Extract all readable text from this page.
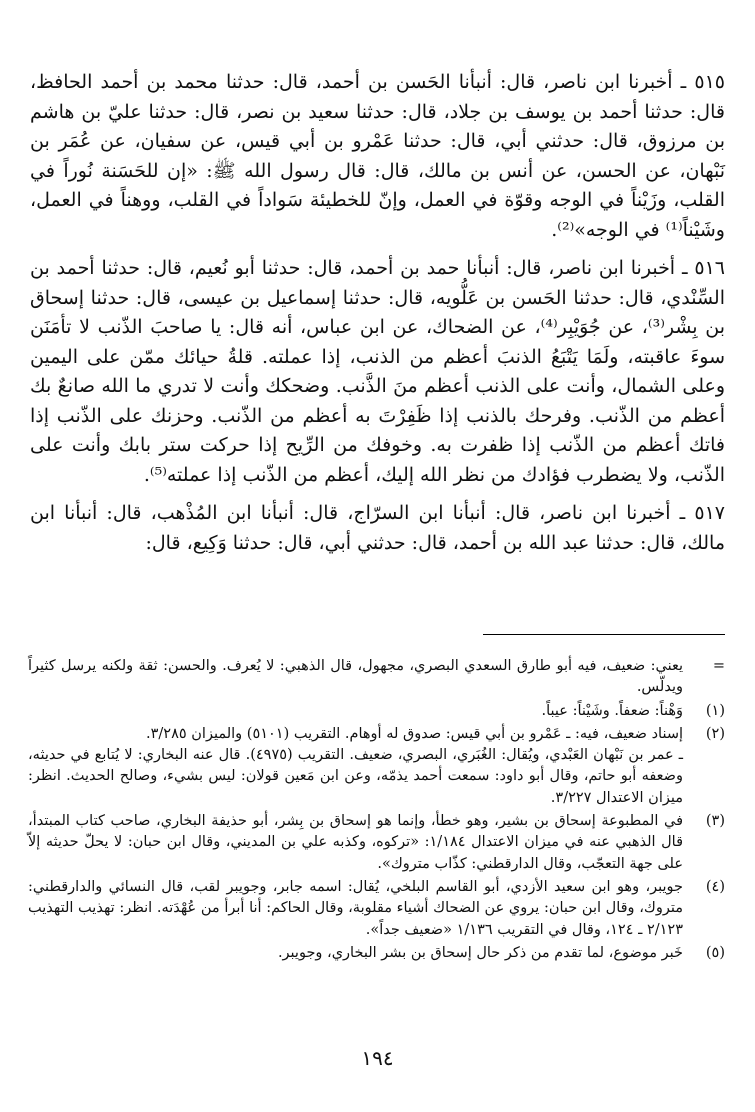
٥١٥ ـ أخبرنا ابن ناصر، قال: أنبأنا الحَسن بن أحمد، قال: حدثنا محمد بن أحمد الحافظ، قال: حدثنا أحمد بن يوسف بن جلاد، قال: حدثنا سعيد بن نصر، قال: حدثنا عليّ بن هاشم بن مرزوق، قال: حدثني أبي، قال: حدثنا عَمْرو بن أبي قيس، عن سفيان، عن عُمَر بن نَبْهان، عن الحسن، عن أنس بن مالك، قال: قال رسول الله ﷺ: «إن للحَسَنة نُوراً في القلب، وزَيْناً في الوجه وقوّة في العمل، وإنّ للخطيئة سَواداً في القلب، ووهناً في العمل، وشَيْناً⁽¹⁾ في الوجه»⁽²⁾.

٥١٦ ـ أخبرنا ابن ناصر، قال: أنبأنا حمد بن أحمد، قال: حدثنا أبو نُعيم، قال: حدثنا أحمد بن السِّنْدي، قال: حدثنا الحَسن بن عَلُّويه، قال: حدثنا إسماعيل بن عيسى، قال: حدثنا إسحاق بن بِشْر⁽³⁾، عن جُوَيْبِر⁽⁴⁾، عن الضحاك، عن ابن عباس، أنه قال: يا صاحبَ الذّنب لا تأمَنَن سوءَ عاقبته، ولَمَا يَتْبَعُ الذنبَ أعظم من الذنب، إذا عملته. قلةُ حيائك ممّن على اليمين وعلى الشمال، وأنت على الذنب أعظم منَ الذَّنب. وضحكك وأنت لا تدري ما الله صانعٌ بك أعظم من الذّنب. وفرحك بالذنب إذا ظَفِرْتَ به أعظم من الذّنب. وحزنك على الذّنب إذا فاتك أعظم من الذّنب إذا ظفرت به. وخوفك من الرِّيح إذا حركت ستر بابك وأنت على الذّنب، ولا يضطرب فؤادك من نظر الله إليك، أعظم من الذّنب إذا عملته⁽⁵⁾.

٥١٧ ـ أخبرنا ابن ناصر، قال: أنبأنا ابن السرّاج، قال: أنبأنا ابن المُذْهب، قال: أنبأنا ابن مالك، قال: حدثنا عبد الله بن أحمد، قال: حدثني أبي، قال: حدثنا وَكِيع، قال:

=
يعني: ضعيف، فيه أبو طارق السعدي البصري، مجهول، قال الذهبي: لا يُعرف. والحسن: ثقة ولكنه يرسل كثيراً ويدلّس.
(١)
وَهْناً: ضعفاً. وشَيْناً: عيباً.
(٢)

إسناد ضعيف، فيه: ـ عَمْرو بن أبي قيس: صدوق له أوهام. التقريب (٥١٠١) والميزان ٣/٢٨٥.

ـ عمر بن نَبْهان العَبْدي، ويُقال: الغُبَري، البصري، ضعيف. التقريب (٤٩٧٥). قال عنه البخاري: لا يُتابع في حديثه، وضعفه أبو حاتم، وقال أبو داود: سمعت أحمد يذمّه، وعن ابن مَعين قولان: ليس بشيء، وصالح الحديث. انظر: ميزان الاعتدال ٣/٢٢٧.

(٣)
في المطبوعة إسحاق بن بشير، وهو خطأ، وإنما هو إسحاق بن بِشر، أبو حذيفة البخاري، صاحب كتاب المبتدأ، قال الذهبي عنه في ميزان الاعتدال ١/١٨٤: «تركوه، وكذبه علي بن المديني، وقال ابن حبان: لا يحلّ حديثه إلاّ على جهة التعجّب، وقال الدارقطني: كذّاب متروك».
(٤)
جويبر، وهو ابن سعيد الأزدي، أبو القاسم البلخي، يُقال: اسمه جابر، وجويبر لقب، قال النسائي والدارقطني: متروك، وقال ابن حبان: يروي عن الضحاك أشياء مقلوبة، وقال الحاكم: أنا أبرأ من عُهْدَته. انظر: تهذيب التهذيب ٢/١٢٣ ـ ١٢٤، وقال في التقريب ١/١٣٦ «ضعيف جداً».
(٥)
خَبر موضوع، لما تقدم من ذكر حال إسحاق بن بشر البخاري، وجويبر.
١٩٤
